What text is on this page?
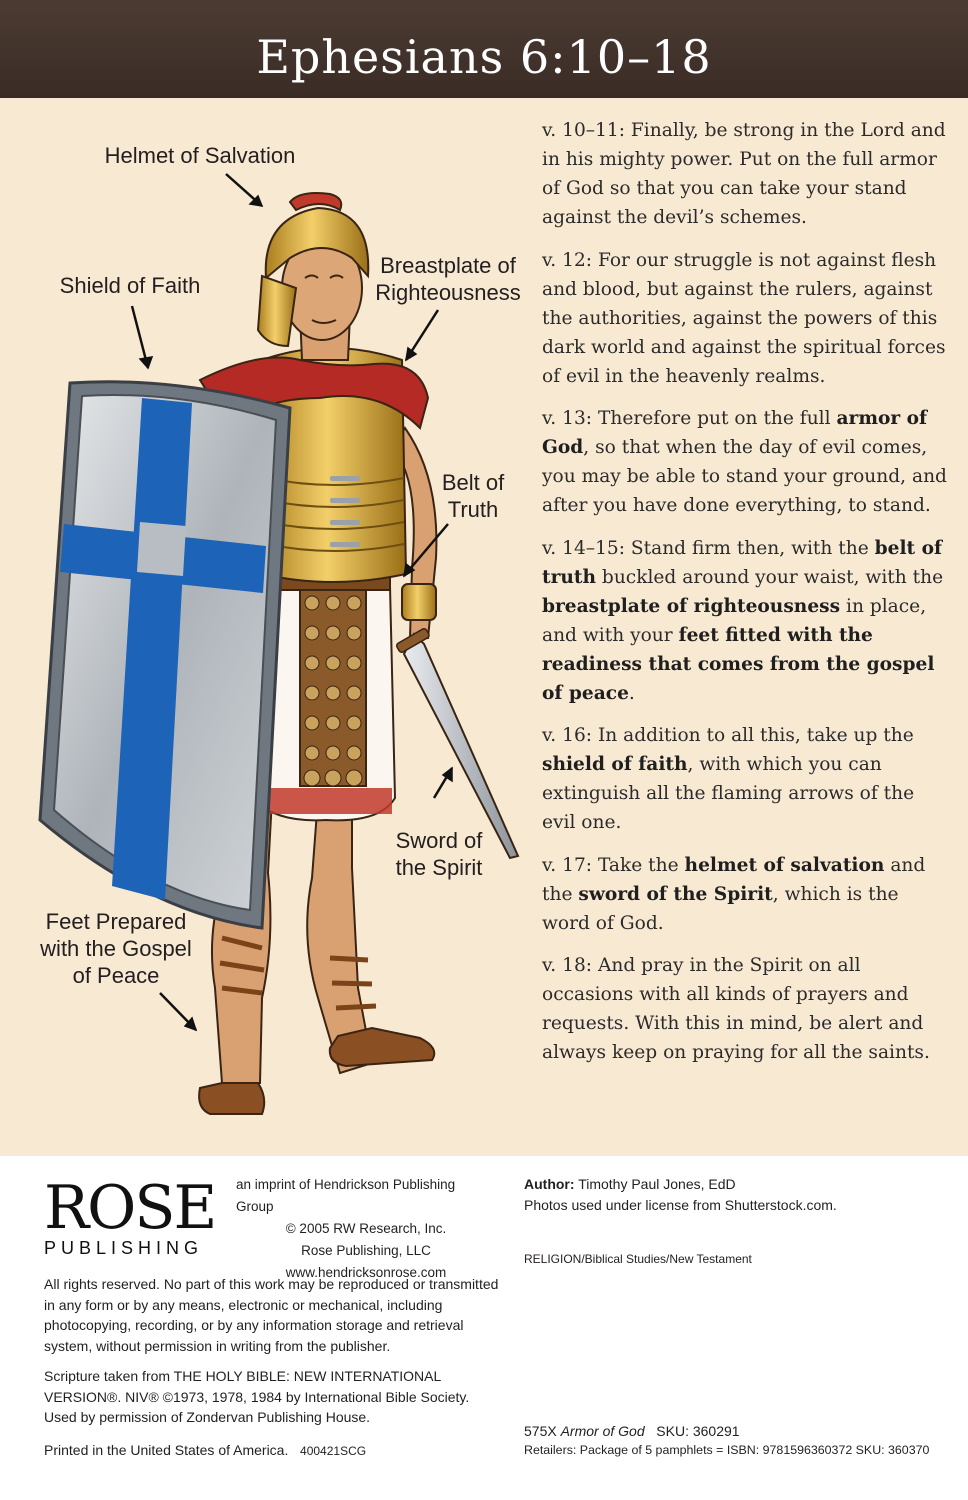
Ephesians 6:10–18
Helmet of Salvation
Breastplate of
Righteousness
Shield of Faith
Belt of
Truth
Sword of
the Spirit
Feet Prepared
with the Gospel
of Peace
v. 10–11: Finally, be strong in the Lord and in his mighty power. Put on the full armor of God so that you can take your stand against the devil’s schemes.
v. 12: For our struggle is not against flesh and blood, but against the rulers, against the authorities, against the powers of this dark world and against the spiritual forces of evil in the heavenly realms.
v. 13: Therefore put on the full armor of God, so that when the day of evil comes, you may be able to stand your ground, and after you have done everything, to stand.
v. 14–15: Stand firm then, with the belt of truth buckled around your waist, with the breastplate of righteousness in place, and with your feet fitted with the readiness that comes from the gospel of peace.
v. 16: In addition to all this, take up the shield of faith, with which you can extinguish all the flaming arrows of the evil one.
v. 17: Take the helmet of salvation and the sword of the Spirit, which is the word of God.
v. 18: And pray in the Spirit on all occasions with all kinds of prayers and requests. With this in mind, be alert and always keep on praying for all the saints.
ROSE
PUBLISHING
an imprint of Hendrickson Publishing Group
© 2005 RW Research, Inc.
Rose Publishing, LLC
www.hendricksonrose.com
All rights reserved. No part of this work may be reproduced or transmitted in any form or by any means, electronic or mechanical, including photocopying, recording, or by any information storage and retrieval system, without permission in writing from the publisher.
Scripture taken from THE HOLY BIBLE: NEW INTERNATIONAL VERSION®. NIV® ©1973, 1978, 1984 by International Bible Society. Used by permission of Zondervan Publishing House.
Printed in the United States of America. 400421SCG
Author: Timothy Paul Jones, EdD
Photos used under license from Shutterstock.com.
RELIGION/Biblical Studies/New Testament
575X Armor of God SKU: 360291
Retailers: Package of 5 pamphlets = ISBN: 9781596360372 SKU: 360370
